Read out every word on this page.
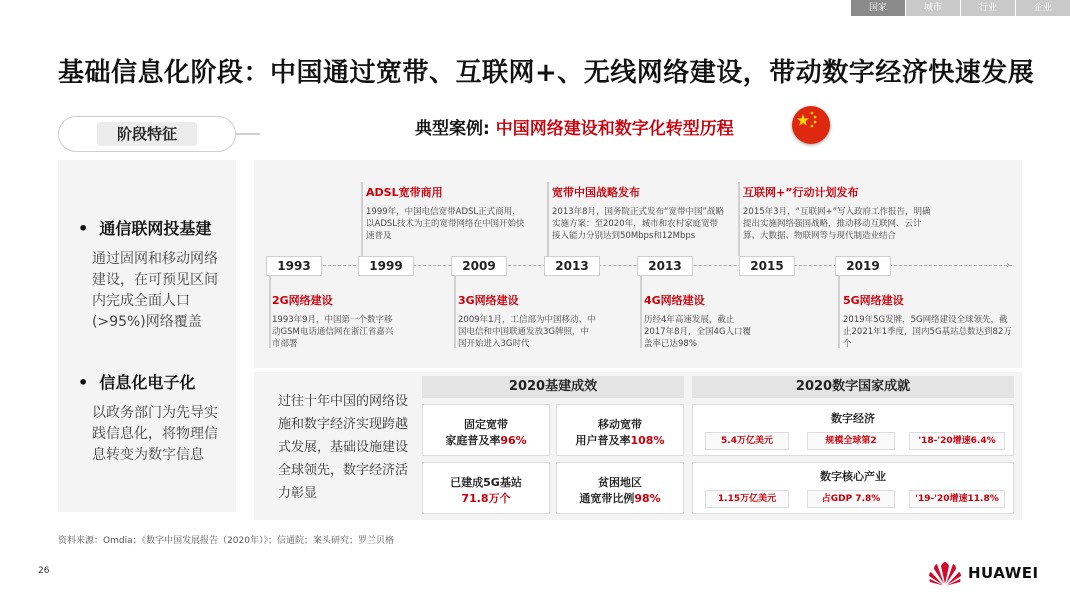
国家	城市	行业	企业
基础信息化阶段：中国通过宽带、互联网+、无线网络建设，带动数字经济快速发展
阶段特征
• 通信联网投基建
通过固网和移动网络建设，在可预见区间内完成全面人口(>95%)网络覆盖
• 信息化电子化
以政务部门为先导实践信息化，将物理信息转变为数字信息
典型案例: 中国网络建设和数字化转型历程
›
1993	1999	2009	2013	2013	2015	2019
ADSL宽带商用
1999年，中国电信宽带ADSL正式商用，以ADSL技术为主的宽带网络在中国开始快速普及
宽带中国战略发布
2013年8月，国务院正式发布“宽带中国”战略实施方案：至2020年，城市和农村家庭宽带接入能力分别达到50Mbps和12Mbps
互联网+”行动计划发布
2015年3月，“互联网+”写入政府工作报告，明确提出实施网络强国战略，推动移动互联网、云计算、大数据、物联网等与现代制造业结合
2G网络建设
1993年9月，中国第一个数字移动GSM电话通信网在浙江省嘉兴市部署
3G网络建设
2009年1月，工信部为中国移动、中国电信和中国联通发放3G牌照，中国开始进入3G时代
4G网络建设
历经4年高速发展，截止2017年8月，全国4G人口覆盖率已达98%
5G网络建设
2019年5G发牌，5G网络建设全球领先，截止2021年1季度，国内5G基站总数达到82万个
过往十年中国的网络设施和数字经济实现跨越式发展，基础设施建设全球领先，数字经济活力彰显
2020基建成效
固定宽带
家庭普及率96%
移动宽带
用户普及率108%
已建成5G基站
71.8万个
贫困地区
通宽带比例98%
2020数字国家成就
数字经济
5.4万亿美元	规模全球第2	'18-'20增速6.4%
数字核心产业
1.15万亿美元	占GDP 7.8%	'19-'20增速11.8%
资料来源：Omdia；《数字中国发展报告（2020年）》；信通院；案头研究；罗兰贝格
26	HUAWEI
